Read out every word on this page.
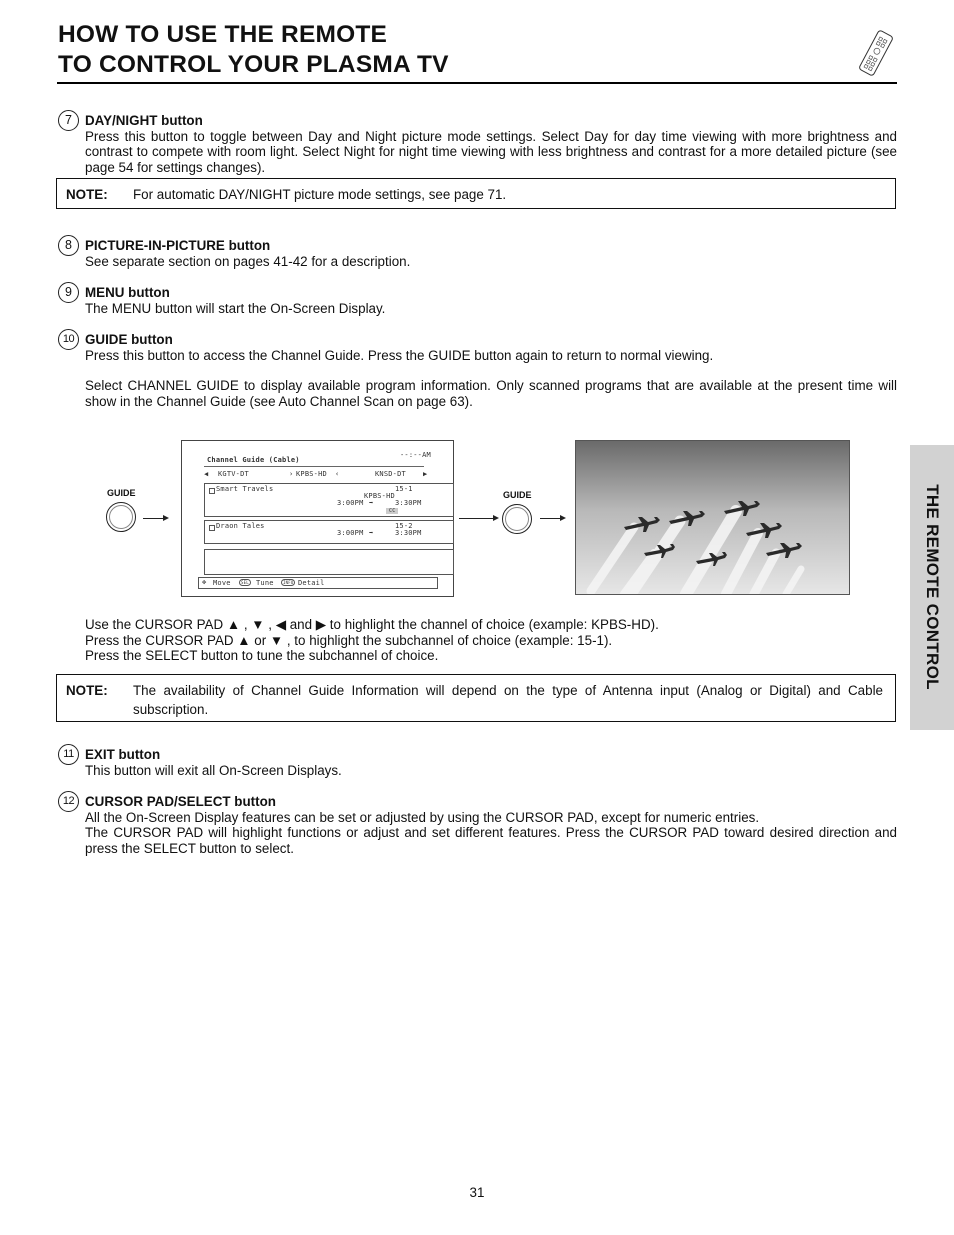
HOW TO USE THE REMOTE
TO CONTROL YOUR PLASMA TV
THE REMOTE CONTROL
7 DAY/NIGHT button
Press this button to toggle between Day and Night picture mode settings. Select Day for day time viewing with more brightness and contrast to compete with room light. Select Night for night time viewing with less brightness and contrast for a more detailed picture (see page 54 for settings changes).
NOTE: For automatic DAY/NIGHT picture mode settings, see page 71.
8 PICTURE-IN-PICTURE button
See separate section on pages 41-42 for a description.
9 MENU button
The MENU button will start the On-Screen Display.
10 GUIDE button
Press this button to access the Channel Guide. Press the GUIDE button again to return to normal viewing.
Select CHANNEL GUIDE to display available program information. Only scanned programs that are available at the present time will show in the Channel Guide (see Auto Channel Scan on page 63).
GUIDE
Channel Guide (Cable)
--:--AM
◀ KGTV-DT	› KPBS-HD ‹	KNSD-DT ▶
Smart Travels	15-1
KPBS-HD
3:00PM ➡	3:30PM
CC
Draon Tales	15-2
3:00PM ➡	3:30PM
✥ Move	SEL Tune	INFO Detail
GUIDE
Use the CURSOR PAD ▲ , ▼ , ◀ and ▶ to highlight the channel of choice (example: KPBS-HD).
Press the CURSOR PAD ▲ or ▼ , to highlight the subchannel of choice (example: 15-1).
Press the SELECT button to tune the subchannel of choice.
NOTE: The availability of Channel Guide Information will depend on the type of Antenna input (Analog or Digital) and Cable subscription.
11 EXIT button
This button will exit all On-Screen Displays.
12 CURSOR PAD/SELECT button
All the On-Screen Display features can be set or adjusted by using the CURSOR PAD, except for numeric entries.
The CURSOR PAD will highlight functions or adjust and set different features. Press the CURSOR PAD toward desired direction and press the SELECT button to select.
31
